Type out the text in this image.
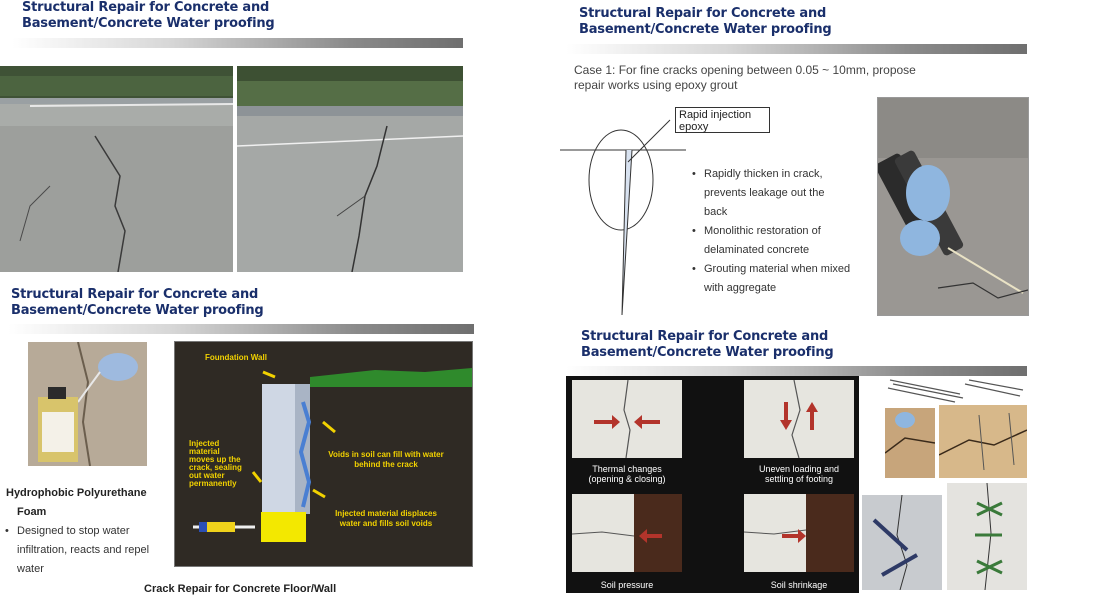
Structural Repair for Concrete and
Basement/Concrete Water proofing
Structural Repair for Concrete and
Basement/Concrete Water proofing
Case 1: For fine cracks opening between 0.05 ~ 10mm, propose
repair works using epoxy grout
Rapid injection
epoxy
• Rapidly thicken in crack,
prevents leakage out the
back
• Monolithic restoration of
delaminated concrete
• Grouting material when mixed
with aggregate
Structural Repair for Concrete and
Basement/Concrete Water proofing
Hydrophobic Polyurethane
Foam
• Designed to stop water
infiltration, reacts and repel
water
Foundation Wall
Injected
material
moves up the
crack, sealing
out water
permanently
Voids in soil can fill with water
behind the crack
Injected material displaces
water and fills soil voids
Crack Repair for Concrete Floor/Wall
Structural Repair for Concrete and
Basement/Concrete Water proofing
Thermal changes
(opening & closing)
Uneven loading and
settling of footing
Soil pressure	Soil shrinkage
